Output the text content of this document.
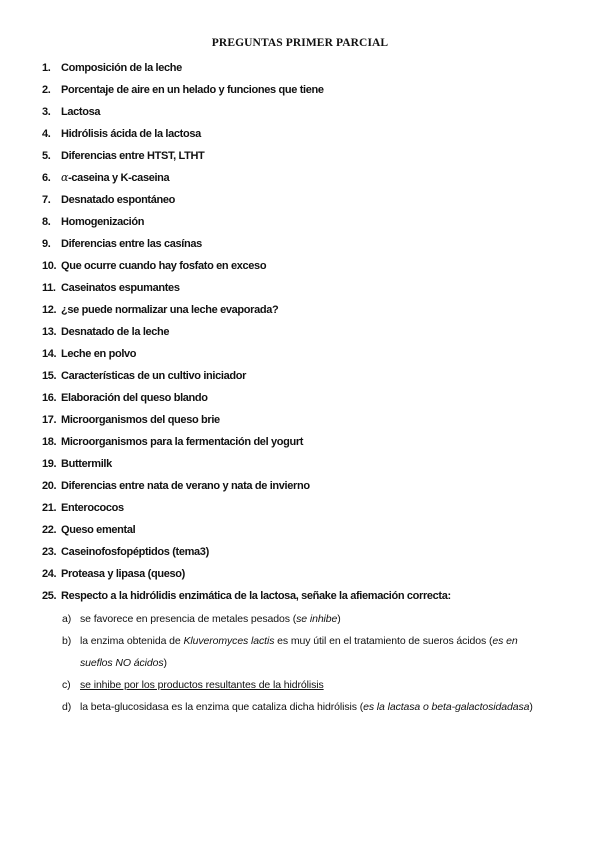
PREGUNTAS PRIMER PARCIAL
1. Composición de la leche
2. Porcentaje de aire en un helado y funciones que tiene
3. Lactosa
4. Hidrólisis ácida de la lactosa
5. Diferencias entre HTST, LTHT
6. α-caseina y K-caseina
7. Desnatado espontáneo
8. Homogenización
9. Diferencias entre las casínas
10. Que ocurre cuando hay fosfato en exceso
11. Caseinatos espumantes
12. ¿se puede normalizar una leche evaporada?
13. Desnatado de la leche
14. Leche en polvo
15. Características de un cultivo iniciador
16. Elaboración del queso blando
17. Microorganismos del queso brie
18. Microorganismos para la fermentación del yogurt
19. Buttermilk
20. Diferencias entre nata de verano y nata de invierno
21. Enterococos
22. Queso emental
23. Caseinofosfopéptidos (tema3)
24. Proteasa y lipasa (queso)
25. Respecto a la hidrólidis enzimática de la lactosa, señake la afiemación correcta:
a) se favorece en presencia de metales pesados (se inhibe)
b) la enzima obtenida de Kluveromyces lactis es muy útil en el tratamiento de sueros ácidos (es en
sueflos NO ácidos)
c) se inhibe por los productos resultantes de la hidrólisis
d) la beta-glucosidasa es la enzima que cataliza dicha hidrólisis (es la lactasa o beta-galactosidadasa)
